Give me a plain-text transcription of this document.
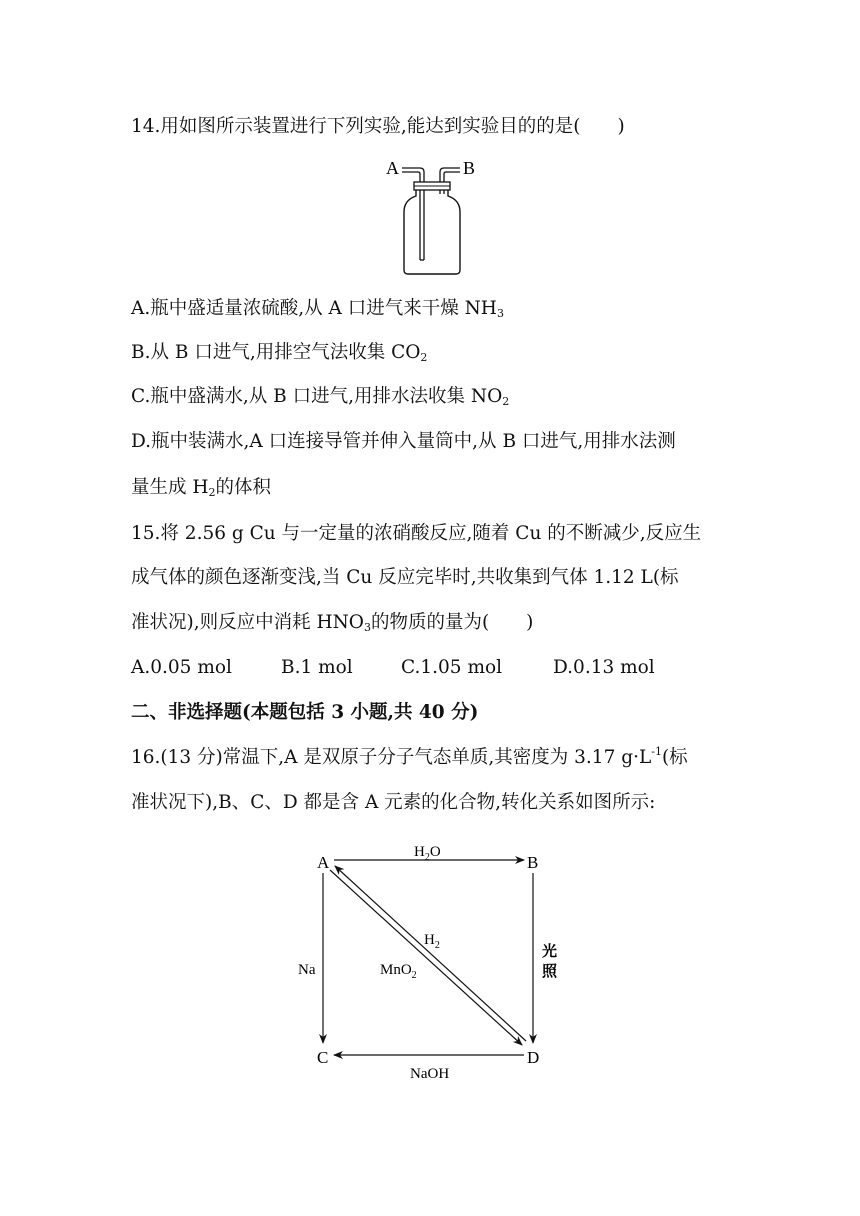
14.用如图所示装置进行下列实验,能达到实验目的的是(　　)
A	B
A.瓶中盛适量浓硫酸,从 A 口进气来干燥 $NH_3$
B.从 B 口进气,用排空气法收集 $CO_2$
C.瓶中盛满水,从 B 口进气,用排水法收集 $NO_2$
D.瓶中装满水,A 口连接导管并伸入量筒中,从 B 口进气,用排水法测
量生成 $H_2$的体积
15.将 2.56 g Cu 与一定量的浓硝酸反应,随着 Cu 的不断减少,反应生
成气体的颜色逐渐变浅,当 Cu 反应完毕时,共收集到气体 1.12 L(标
准状况),则反应中消耗 $HNO_3$的物质的量为(　　)
A.0.05 mol	B.1 mol	C.1.05 mol	D.0.13 mol
二、非选择题(本题包括 3 小题,共 40 分)
16.(13 分)常温下,A 是双原子分子气态单质,其密度为 3.17 $g\cdot L^{-1}$(标
准状况下),B、C、D 都是含 A 元素的化合物,转化关系如图所示:
A	B
C	D
$H_2O$
光
照
Na
NaOH
$H_2$
MnO$_2$
